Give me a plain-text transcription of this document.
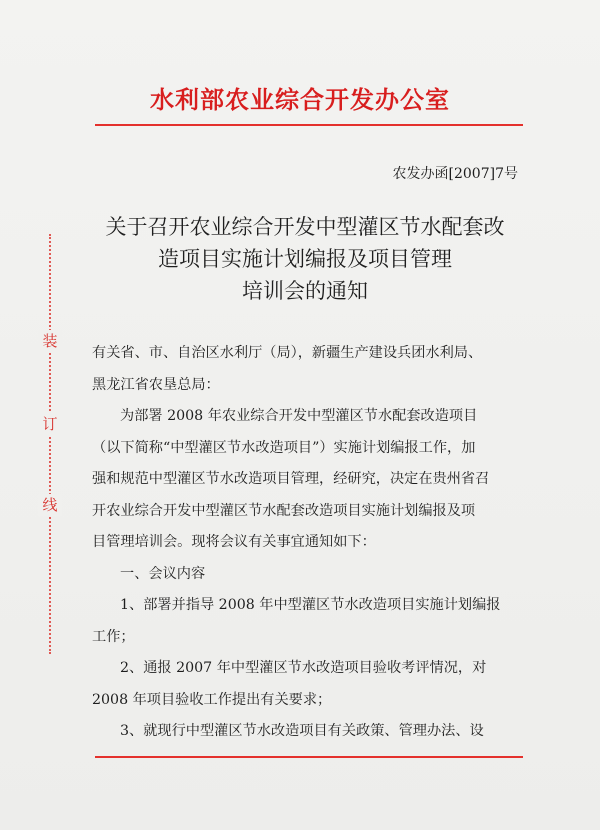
水利部农业综合开发办公室
农发办函[2007]7号
关于召开农业综合开发中型灌区节水配套改
造项目实施计划编报及项目管理
培训会的通知
装
订
线

有关省、市、自治区水利厅（局），新疆生产建设兵团水利局、

黑龙江省农垦总局：

为部署 2008 年农业综合开发中型灌区节水配套改造项目

（以下简称“中型灌区节水改造项目”）实施计划编报工作，加

强和规范中型灌区节水改造项目管理，经研究，决定在贵州省召

开农业综合开发中型灌区节水配套改造项目实施计划编报及项

目管理培训会。现将会议有关事宜通知如下：

一、会议内容

1、部署并指导 2008 年中型灌区节水改造项目实施计划编报

工作；

2、通报 2007 年中型灌区节水改造项目验收考评情况，对

2008 年项目验收工作提出有关要求；

3、就现行中型灌区节水改造项目有关政策、管理办法、设
